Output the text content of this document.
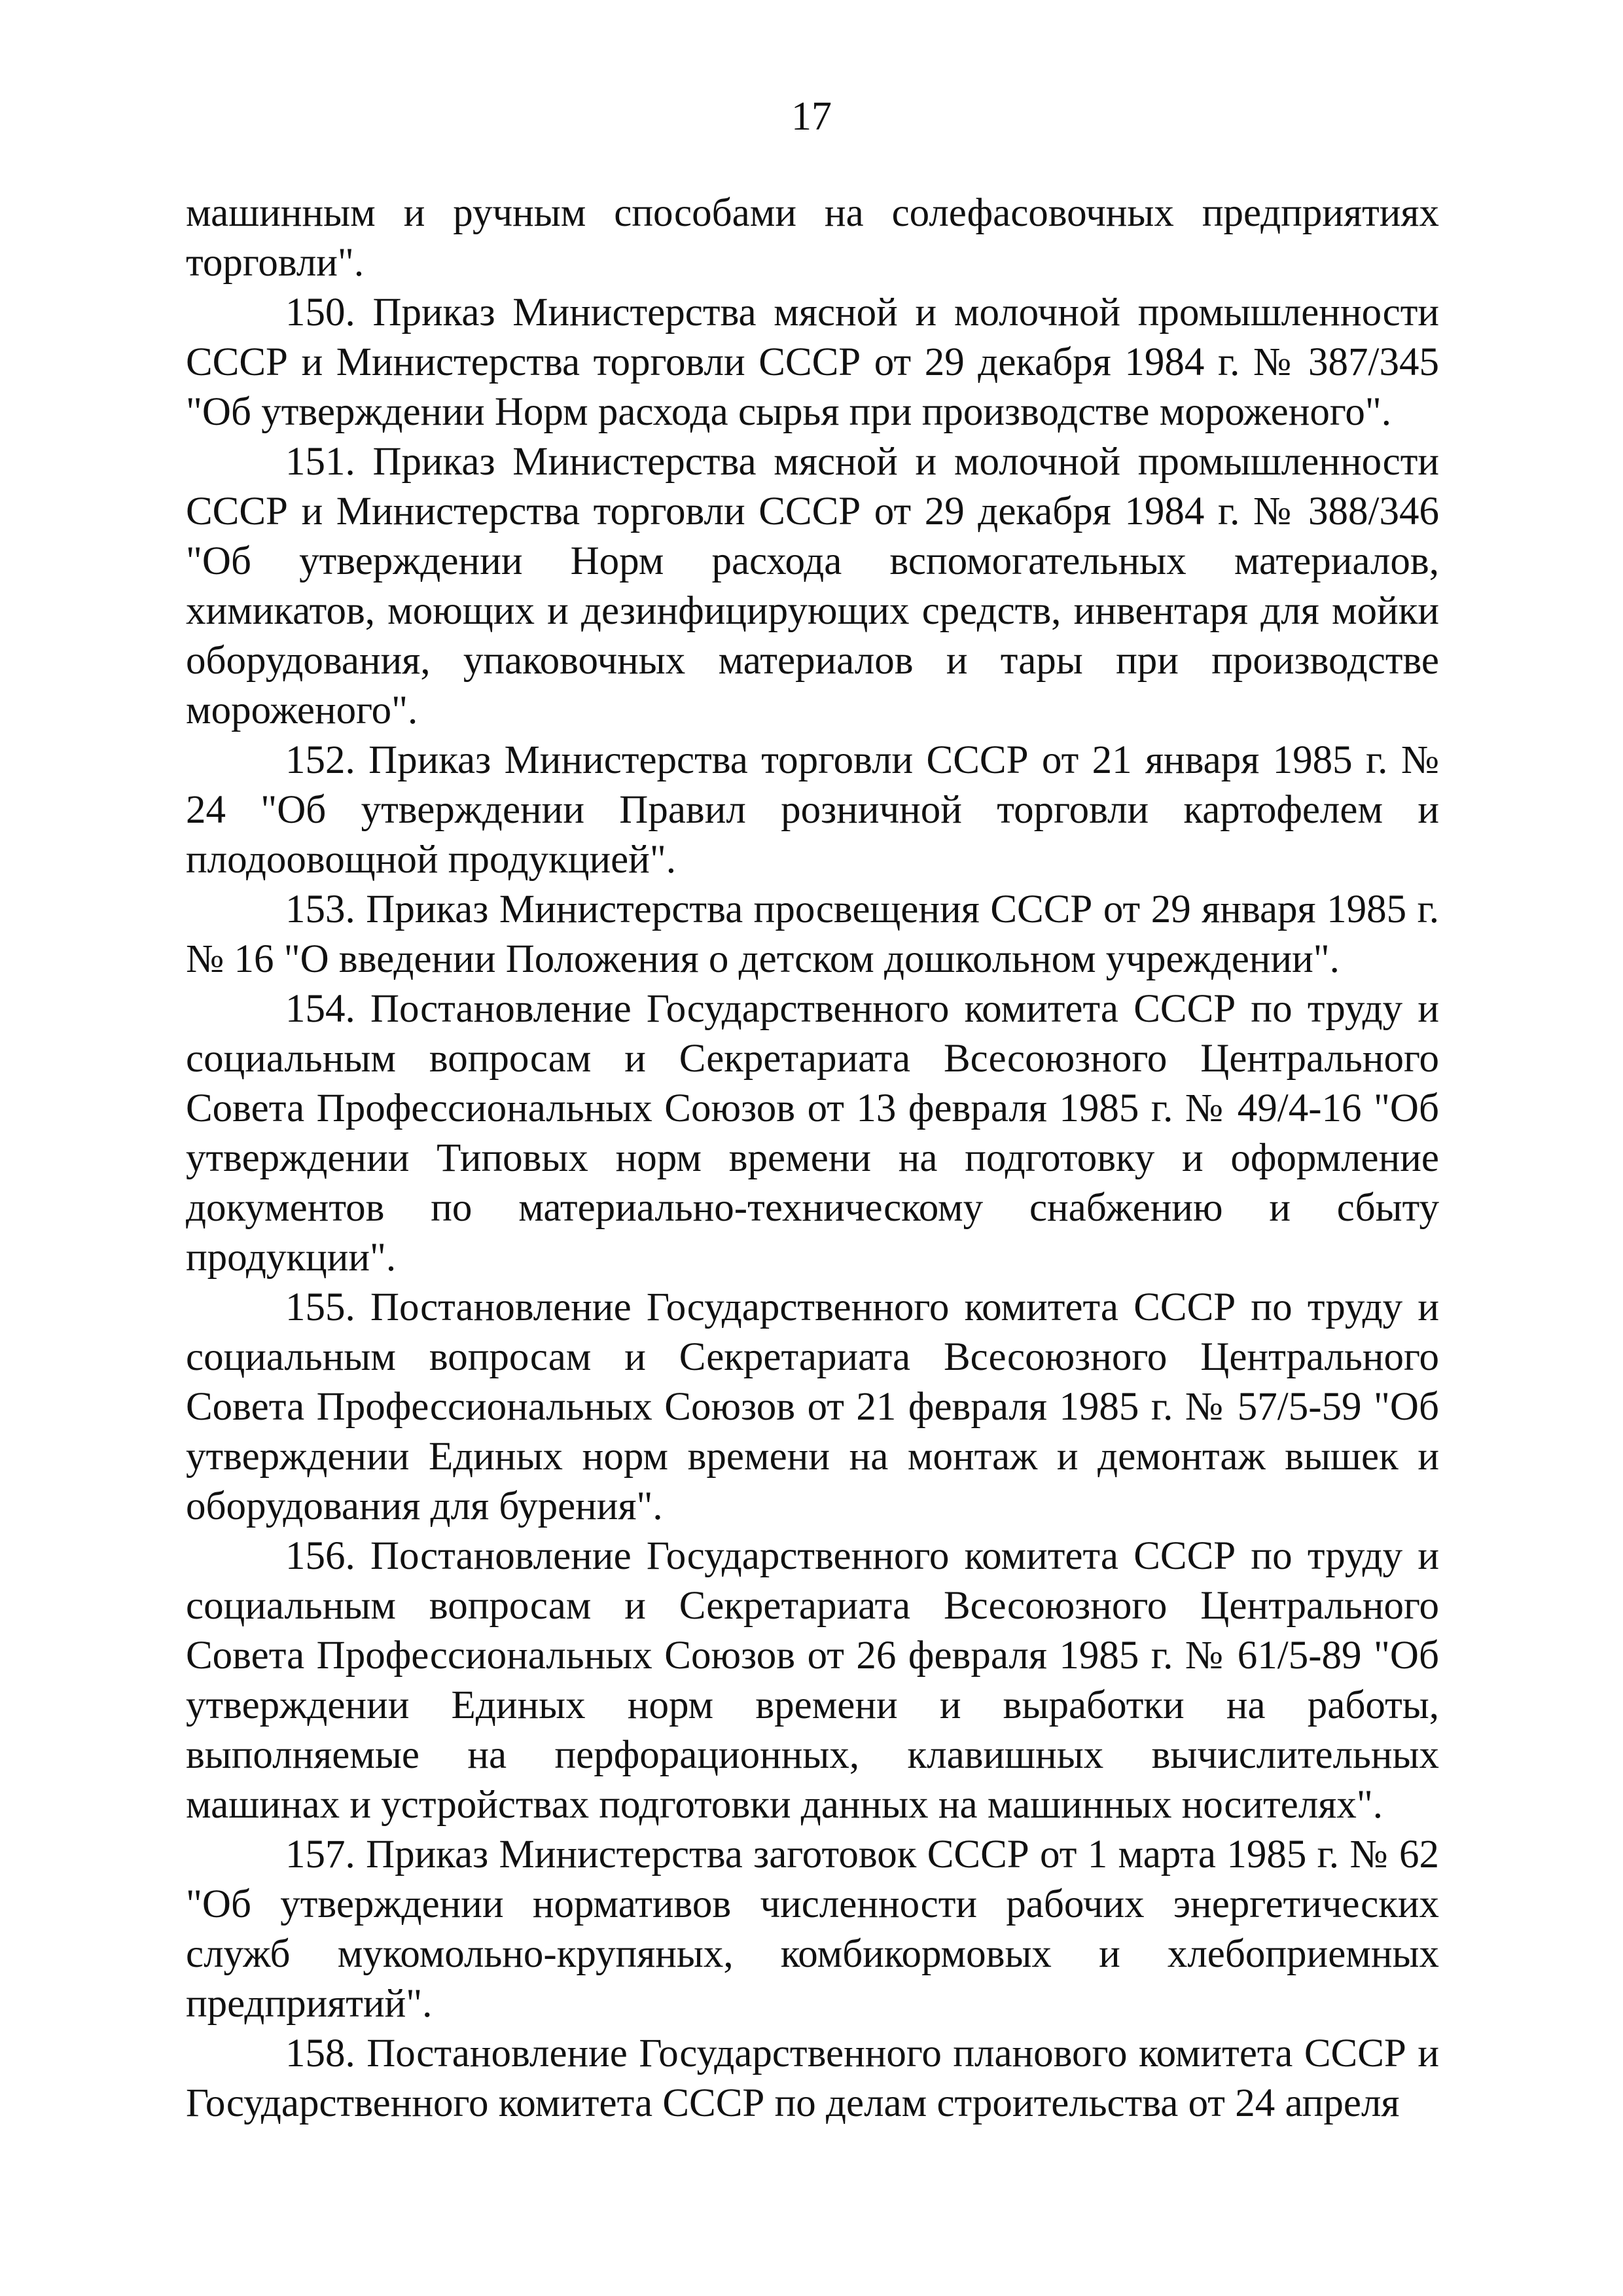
17

машинным и ручным способами на солефасовочных предприятиях торговли".

150. Приказ Министерства мясной и молочной промышленности СССР и Министерства торговли СССР от 29 декабря 1984 г. № 387/345 "Об утверждении Норм расхода сырья при производстве мороженого".

151. Приказ Министерства мясной и молочной промышленности СССР и Министерства торговли СССР от 29 декабря 1984 г. № 388/346 "Об утверждении Норм расхода вспомогательных материалов, химикатов, моющих и дезинфицирующих средств, инвентаря для мойки оборудования, упаковочных материалов и тары при производстве мороженого".

152. Приказ Министерства торговли СССР от 21 января 1985 г. № 24 "Об утверждении Правил розничной торговли картофелем и плодоовощной продукцией".

153. Приказ Министерства просвещения СССР от 29 января 1985 г. № 16 "О введении Положения о детском дошкольном учреждении".

154. Постановление Государственного комитета СССР по труду и социальным вопросам и Секретариата Всесоюзного Центрального Совета Профессиональных Союзов от 13 февраля 1985 г. № 49/4-16 "Об утверждении Типовых норм времени на подготовку и оформление документов по материально-техническому снабжению и сбыту продукции".

155. Постановление Государственного комитета СССР по труду и социальным вопросам и Секретариата Всесоюзного Центрального Совета Профессиональных Союзов от 21 февраля 1985 г. № 57/5-59 "Об утверждении Единых норм времени на монтаж и демонтаж вышек и оборудования для бурения".

156. Постановление Государственного комитета СССР по труду и социальным вопросам и Секретариата Всесоюзного Центрального Совета Профессиональных Союзов от 26 февраля 1985 г. № 61/5-89 "Об утверждении Единых норм времени и выработки на работы, выполняемые на перфорационных, клавишных вычислительных машинах и устройствах подготовки данных на машинных носителях".

157. Приказ Министерства заготовок СССР от 1 марта 1985 г. № 62 "Об утверждении нормативов численности рабочих энергетических служб мукомольно-крупяных, комбикормовых и хлебоприемных предприятий".

158. Постановление Государственного планового комитета СССР и Государственного комитета СССР по делам строительства от 24 апреля
